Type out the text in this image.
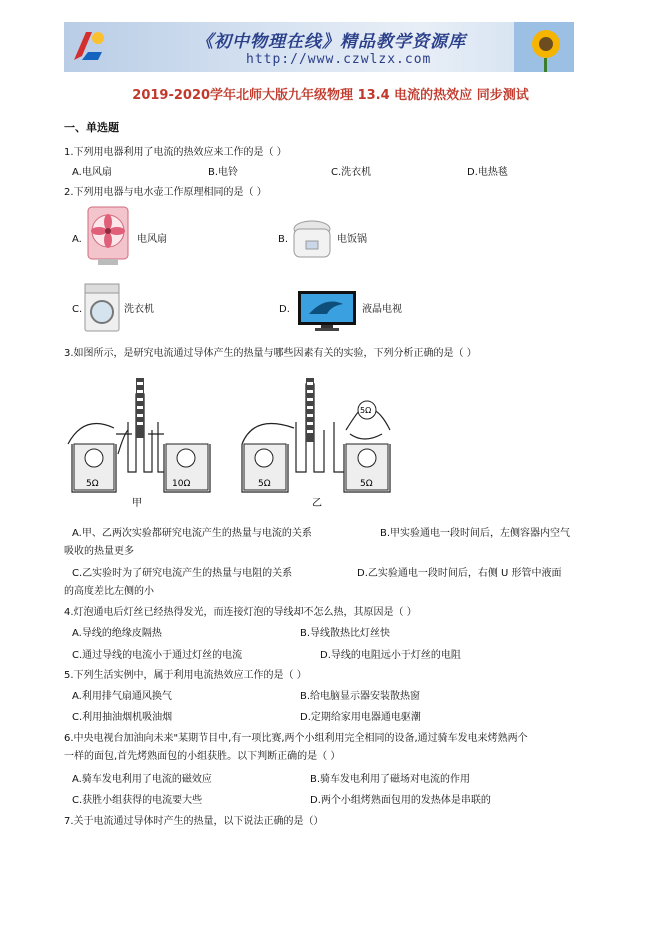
《初中物理在线》精品教学资源库
http://www.czwlzx.com
2019-2020学年北师大版九年级物理 13.4 电流的热效应 同步测试
一、单选题
1.下列用电器利用了电流的热效应来工作的是（ ）
A.电风扇	B.电铃	C.洗衣机	D.电热毯
2.下列用电器与电水壶工作原理相同的是（ ）
A.	电风扇	B.	电饭锅
C.	洗衣机	D.	液晶电视
3.如图所示，是研究电流通过导体产生的热量与哪些因素有关的实验，下列分析正确的是（ ）
5Ω	10Ω	5Ω	5Ω
5Ω
甲	乙
A.甲、乙两次实验都研究电流产生的热量与电流的关系	B.甲实验通电一段时间后，左侧容器内空气
吸收的热量更多
C.乙实验时为了研究电流产生的热量与电阻的关系	D.乙实验通电一段时间后，右侧 U 形管中液面
的高度差比左侧的小
4.灯泡通电后灯丝已经热得发光，而连接灯泡的导线却不怎么热，其原因是（ ）
A.导线的绝缘皮隔热	B.导线散热比灯丝快
C.通过导线的电流小于通过灯丝的电流	D.导线的电阻远小于灯丝的电阻
5.下列生活实例中，属于利用电流热效应工作的是（ ）
A.利用排气扇通风换气	B.给电脑显示器安装散热窗
C.利用抽油烟机吸油烟	D.定期给家用电器通电驱潮
6.中央电视台加油向未来"某期节目中,有一项比赛,两个小组利用完全相同的设备,通过骑车发电来烤熟两个
一样的面包,首先烤熟面包的小组获胜。以下判断正确的是（ ）
A.骑车发电利用了电流的磁效应	B.骑车发电利用了磁场对电流的作用
C.获胜小组获得的电流要大些	D.两个小组烤熟面包用的发热体是串联的
7.关于电流通过导体时产生的热量，以下说法正确的是（）
